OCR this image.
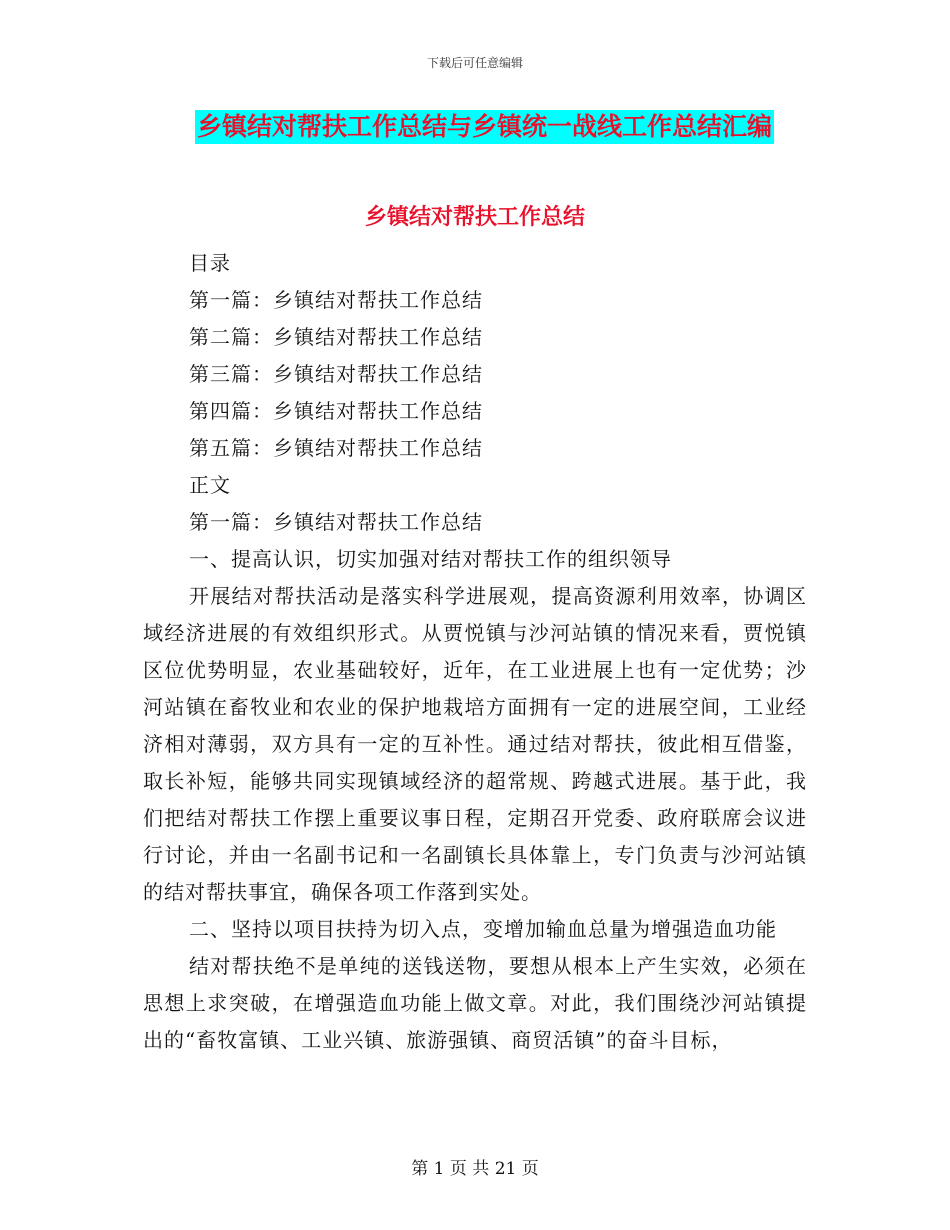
下载后可任意编辑
乡镇结对帮扶工作总结与乡镇统一战线工作总结汇编
乡镇结对帮扶工作总结
目录
第一篇：乡镇结对帮扶工作总结
第二篇：乡镇结对帮扶工作总结
第三篇：乡镇结对帮扶工作总结
第四篇：乡镇结对帮扶工作总结
第五篇：乡镇结对帮扶工作总结
正文
第一篇：乡镇结对帮扶工作总结
一、提高认识，切实加强对结对帮扶工作的组织领导
开展结对帮扶活动是落实科学进展观，提高资源利用效率，协调区域经济进展的有效组织形式。从贾悦镇与沙河站镇的情况来看，贾悦镇区位优势明显，农业基础较好，近年，在工业进展上也有一定优势；沙河站镇在畜牧业和农业的保护地栽培方面拥有一定的进展空间，工业经济相对薄弱，双方具有一定的互补性。通过结对帮扶，彼此相互借鉴，取长补短，能够共同实现镇域经济的超常规、跨越式进展。基于此，我们把结对帮扶工作摆上重要议事日程，定期召开党委、政府联席会议进行讨论，并由一名副书记和一名副镇长具体靠上，专门负责与沙河站镇的结对帮扶事宜，确保各项工作落到实处。
二、坚持以项目扶持为切入点，变增加输血总量为增强造血功能
结对帮扶绝不是单纯的送钱送物，要想从根本上产生实效，必须在思想上求突破，在增强造血功能上做文章。对此，我们围绕沙河站镇提出的“畜牧富镇、工业兴镇、旅游强镇、商贸活镇”的奋斗目标，
第 1 页 共 21 页
